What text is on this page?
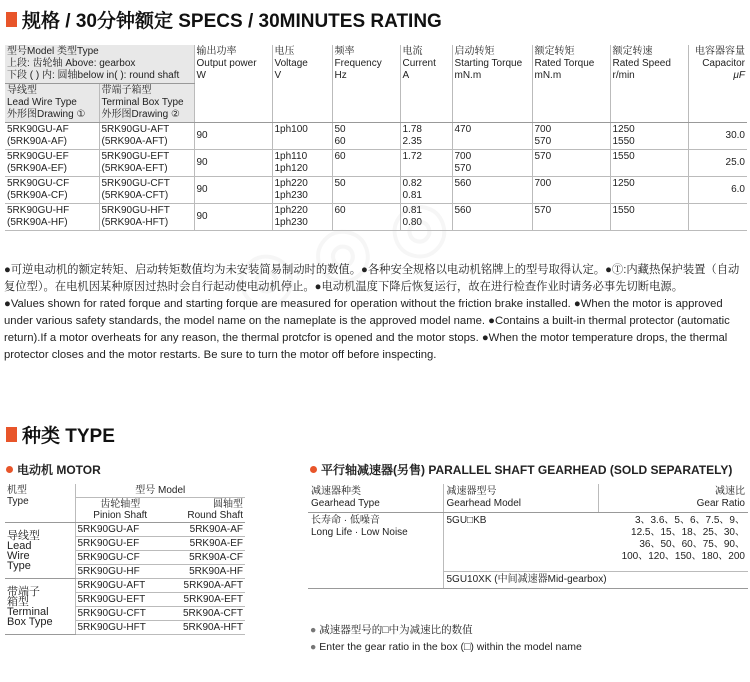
规格 / 30分钟额定 SPECS / 30MINUTES RATING
型号Model 类型Type
上段: 齿轮轴 Above: gearbox
下段 ( ) 内: 圆轴below in( ): round shaft		输出功率
Output power
W	电压
Voltage
V	频率
Frequency
Hz	电流
Current
A	启动转矩
Starting Torque
mN.m	额定转矩
Rated Torque
mN.m	额定转速
Rated Speed
r/min	电容器容量
Capacitor
μF
导线型
Lead Wire Type
外形图Drawing ①	带端子箱型
Terminal Box Type
外形图Drawing ②								

5RK90GU-AF
(5RK90A-AF)	5RK90GU-AFT
(5RK90A-AFT)	90	1ph100	50
60	1.78
2.35	470	700
570	1250
1550	30.0

5RK90GU-EF
(5RK90A-EF)	5RK90GU-EFT
(5RK90A-EFT)	90	1ph110
1ph120	60	1.72	700
570	570	1550	25.0

5RK90GU-CF
(5RK90A-CF)	5RK90GU-CFT
(5RK90A-CFT)	90	1ph220
1ph230	50	0.82
0.81	560	700	1250	6.0

5RK90GU-HF
(5RK90A-HF)	5RK90GU-HFT
(5RK90A-HFT)	90	1ph220
1ph230	60	0.81
0.80	560	570	1550	

●可逆电动机的额定转矩、启动转矩数值均为未安装简易制动时的数值。●各种安全规格以电动机铭牌上的型号取得认定。●Ⓣ:内藏热保护装置（自动复位型）。在电机因某种原因过热时会自行起动使电动机停止。●电动机温度下降后恢复运行，故在进行检查作业时请务必事先切断电源。

●Values shown for rated forque and starting forque are measured for operation without the friction brake installed. ●When the motor is approved under various safety standards, the model name on the nameplate is the approved model name. ●Contains a built-in thermal protector (automatic return).If a motor overheats for any reason, the thermal protcfor is opened and the motor stops. ●When the motor temperature drops, the thermal protector closes and the motor restarts. Be sure to turn the motor off before inspecting.

种类 TYPE
电动机 MOTOR	平行轴减速器(另售) PARALLEL SHAFT GEARHEAD (SOLD SEPARATELY)
机型
Type	型号 Model	
	齿轮轴型
Pinion Shaft	圆轴型
Round Shaft

导线型
Lead
Wire
Type	5RK90GU-AF	5RK90A-AF
	5RK90GU-EF	5RK90A-EF
	5RK90GU-CF	5RK90A-CF
	5RK90GU-HF	5RK90A-HF

带端子
箱型
Terminal
Box Type	5RK90GU-AFT	5RK90A-AFT
	5RK90GU-EFT	5RK90A-EFT
	5RK90GU-CFT	5RK90A-CFT
	5RK90GU-HFT	5RK90A-HFT
减速器种类
Gearhead Type	减速器型号
Gearhead Model	减速比
Gear Ratio
长寿命 · 低噪音
Long Life · Low Noise	5GU□KB	3、3.6、5、6、7.5、9、
12.5、15、18、25、30、
36、50、60、75、90、
100、120、150、180、200

	5GU10XK (中间减速器Mid-gearbox)	

● 减速器型号的□中为减速比的数值

● Enter the gear ratio in the box (□) within the model name
